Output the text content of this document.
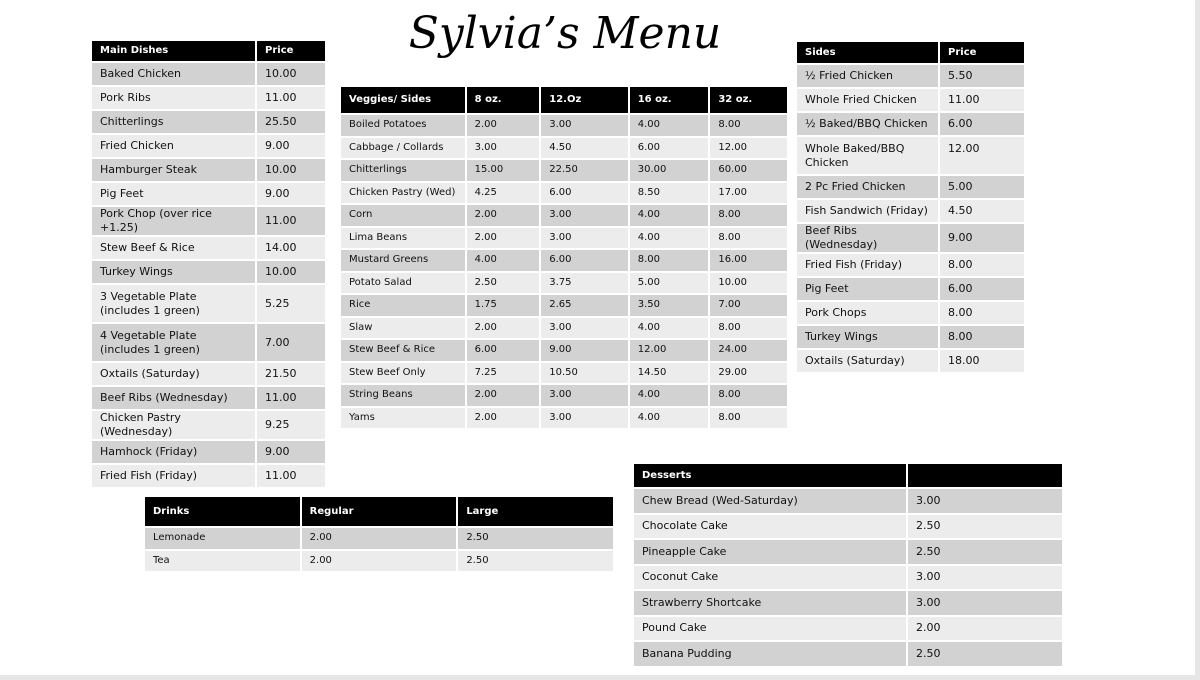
Sylvia’s Menu
Main Dishes	Price
Baked Chicken	10.00
Pork Ribs	11.00
Chitterlings	25.50
Fried Chicken	9.00
Hamburger Steak	10.00
Pig Feet	9.00
Pork Chop (over rice +1.25)	11.00
Stew Beef & Rice	14.00
Turkey Wings	10.00
3 Vegetable Plate (includes 1 green)	5.25
4 Vegetable Plate (includes 1 green)	7.00
Oxtails (Saturday)	21.50
Beef Ribs (Wednesday)	11.00
Chicken Pastry (Wednesday)	9.25
Hamhock (Friday)	9.00
Fried Fish (Friday)	11.00
Veggies/ Sides	8 oz.	12.Oz	16 oz.	32 oz.
Boiled Potatoes	2.00	3.00	4.00	8.00
Cabbage / Collards	3.00	4.50	6.00	12.00
Chitterlings	15.00	22.50	30.00	60.00
Chicken Pastry (Wed)	4.25	6.00	8.50	17.00
Corn	2.00	3.00	4.00	8.00
Lima Beans	2.00	3.00	4.00	8.00
Mustard Greens	4.00	6.00	8.00	16.00
Potato Salad	2.50	3.75	5.00	10.00
Rice	1.75	2.65	3.50	7.00
Slaw	2.00	3.00	4.00	8.00
Stew Beef & Rice	6.00	9.00	12.00	24.00
Stew Beef Only	7.25	10.50	14.50	29.00
String Beans	2.00	3.00	4.00	8.00
Yams	2.00	3.00	4.00	8.00
Sides	Price
½ Fried Chicken	5.50
Whole Fried Chicken	11.00
½ Baked/BBQ Chicken	6.00
Whole Baked/BBQ Chicken	12.00
2 Pc Fried Chicken	5.00
Fish Sandwich (Friday)	4.50
Beef Ribs (Wednesday)	9.00
Fried Fish (Friday)	8.00
Pig Feet	6.00
Pork Chops	8.00
Turkey Wings	8.00
Oxtails (Saturday)	18.00
Drinks	Regular	Large
Lemonade	2.00	2.50
Tea	2.00	2.50
Desserts	
Chew Bread (Wed-Saturday)	3.00
Chocolate Cake	2.50
Pineapple Cake	2.50
Coconut Cake	3.00
Strawberry Shortcake	3.00
Pound Cake	2.00
Banana Pudding	2.50
